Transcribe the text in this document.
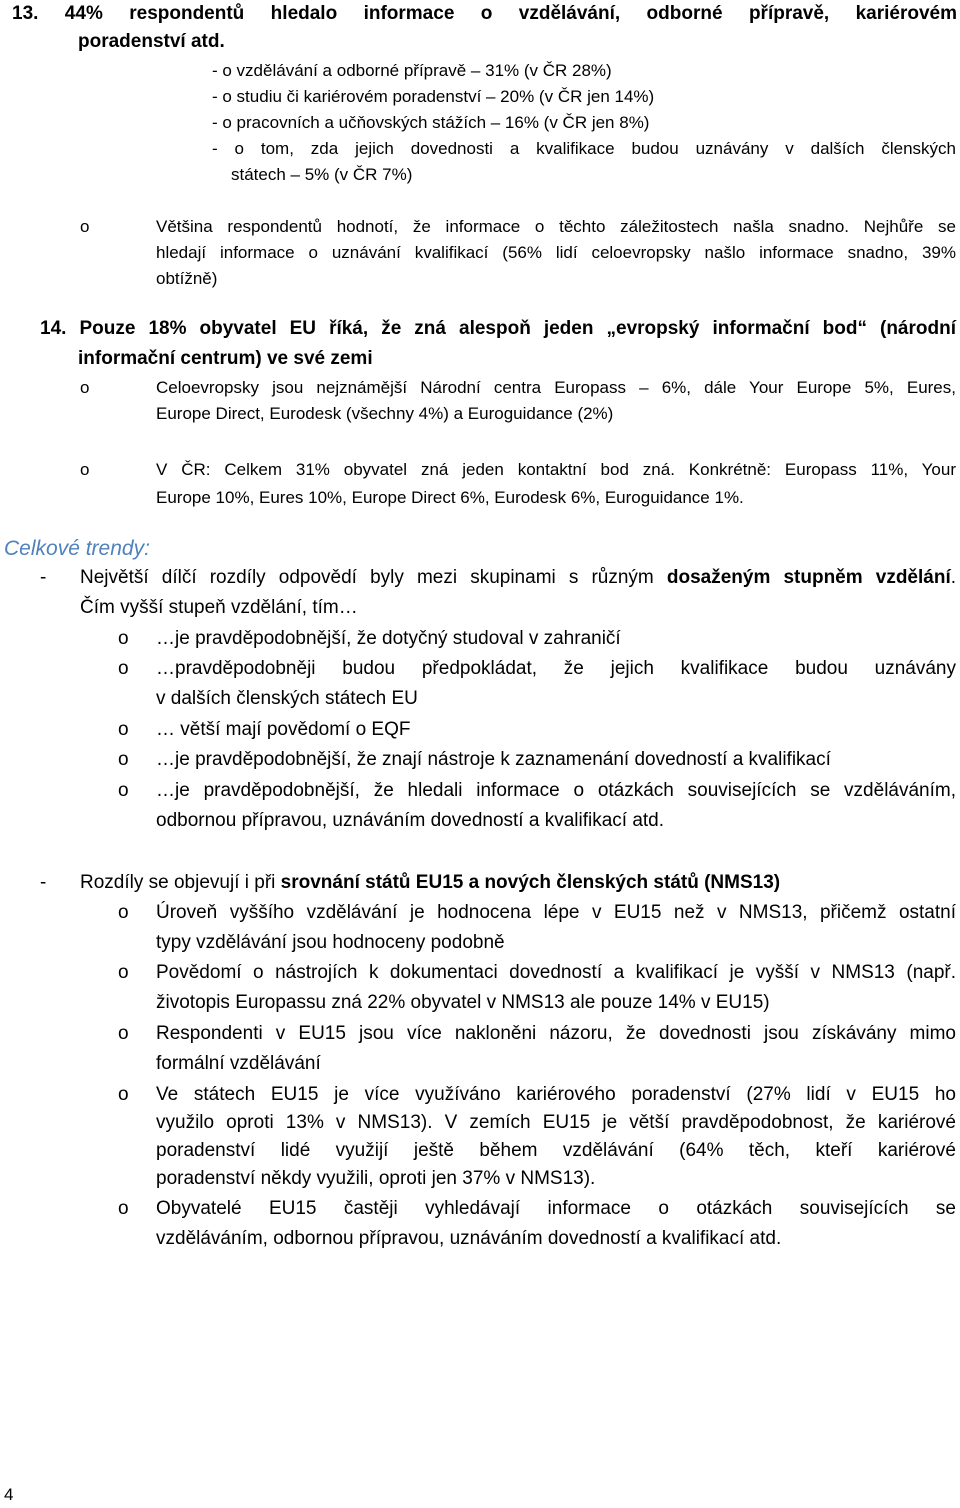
13. 44% respondentů hledalo informace o vzdělávání, odborné přípravě, kariérovém
poradenství atd.
- o vzdělávání a odborné přípravě – 31% (v ČR 28%)
- o studiu či kariérovém poradenství – 20% (v ČR jen 14%)
- o pracovních a učňovských stážích – 16% (v ČR jen 8%)
- o tom, zda jejich dovednosti a kvalifikace budou uznávány v dalších členských
státech – 5% (v ČR 7%)
o	Většina respondentů hodnotí, že informace o těchto záležitostech našla snadno. Nejhůře se
hledají informace o uznávání kvalifikací (56% lidí celoevropsky našlo informace snadno, 39%
obtížně)
14. Pouze 18% obyvatel EU říká, že zná alespoň jeden „evropský informační bod“ (národní
informační centrum) ve své zemi
o	Celoevropsky jsou nejznámější Národní centra Europass – 6%, dále Your Europe 5%, Eures,
Europe Direct, Eurodesk (všechny 4%) a Euroguidance (2%)
o	V ČR: Celkem 31% obyvatel zná jeden kontaktní bod zná. Konkrétně: Europass 11%, Your
Europe 10%, Eures 10%, Europe Direct 6%, Eurodesk 6%, Euroguidance 1%.
Celkové trendy:
- Největší dílčí rozdíly odpovědí byly mezi skupinami s různým dosaženým stupněm vzdělání.
Čím vyšší stupeň vzdělání, tím…
o …je pravděpodobnější, že dotyčný studoval v zahraničí
o …pravděpodobněji budou předpokládat, že jejich kvalifikace budou uznávány
v dalších členských státech EU
o … větší mají povědomí o EQF
o …je pravděpodobnější, že znají nástroje k zaznamenání dovedností a kvalifikací
o …je pravděpodobnější, že hledali informace o otázkách souvisejících se vzděláváním,
odbornou přípravou, uznáváním dovedností a kvalifikací atd.
- Rozdíly se objevují i při srovnání států EU15 a nových členských států (NMS13)
o Úroveň vyššího vzdělávání je hodnocena lépe v EU15 než v NMS13, přičemž ostatní
typy vzdělávání jsou hodnoceny podobně
o Povědomí o nástrojích k dokumentaci dovedností a kvalifikací je vyšší v NMS13 (např.
životopis Europassu zná 22% obyvatel v NMS13 ale pouze 14% v EU15)
o Respondenti v EU15 jsou více nakloněni názoru, že dovednosti jsou získávány mimo
formální vzdělávání
o Ve státech EU15 je více využíváno kariérového poradenství (27% lidí v EU15 ho
využilo oproti 13% v NMS13). V zemích EU15 je větší pravděpodobnost, že kariérové
poradenství lidé využijí ještě během vzdělávání (64% těch, kteří kariérové
poradenství někdy využili, oproti jen 37% v NMS13).
o Obyvatelé EU15 častěji vyhledávají informace o otázkách souvisejících se
vzděláváním, odbornou přípravou, uznáváním dovedností a kvalifikací atd.
4
